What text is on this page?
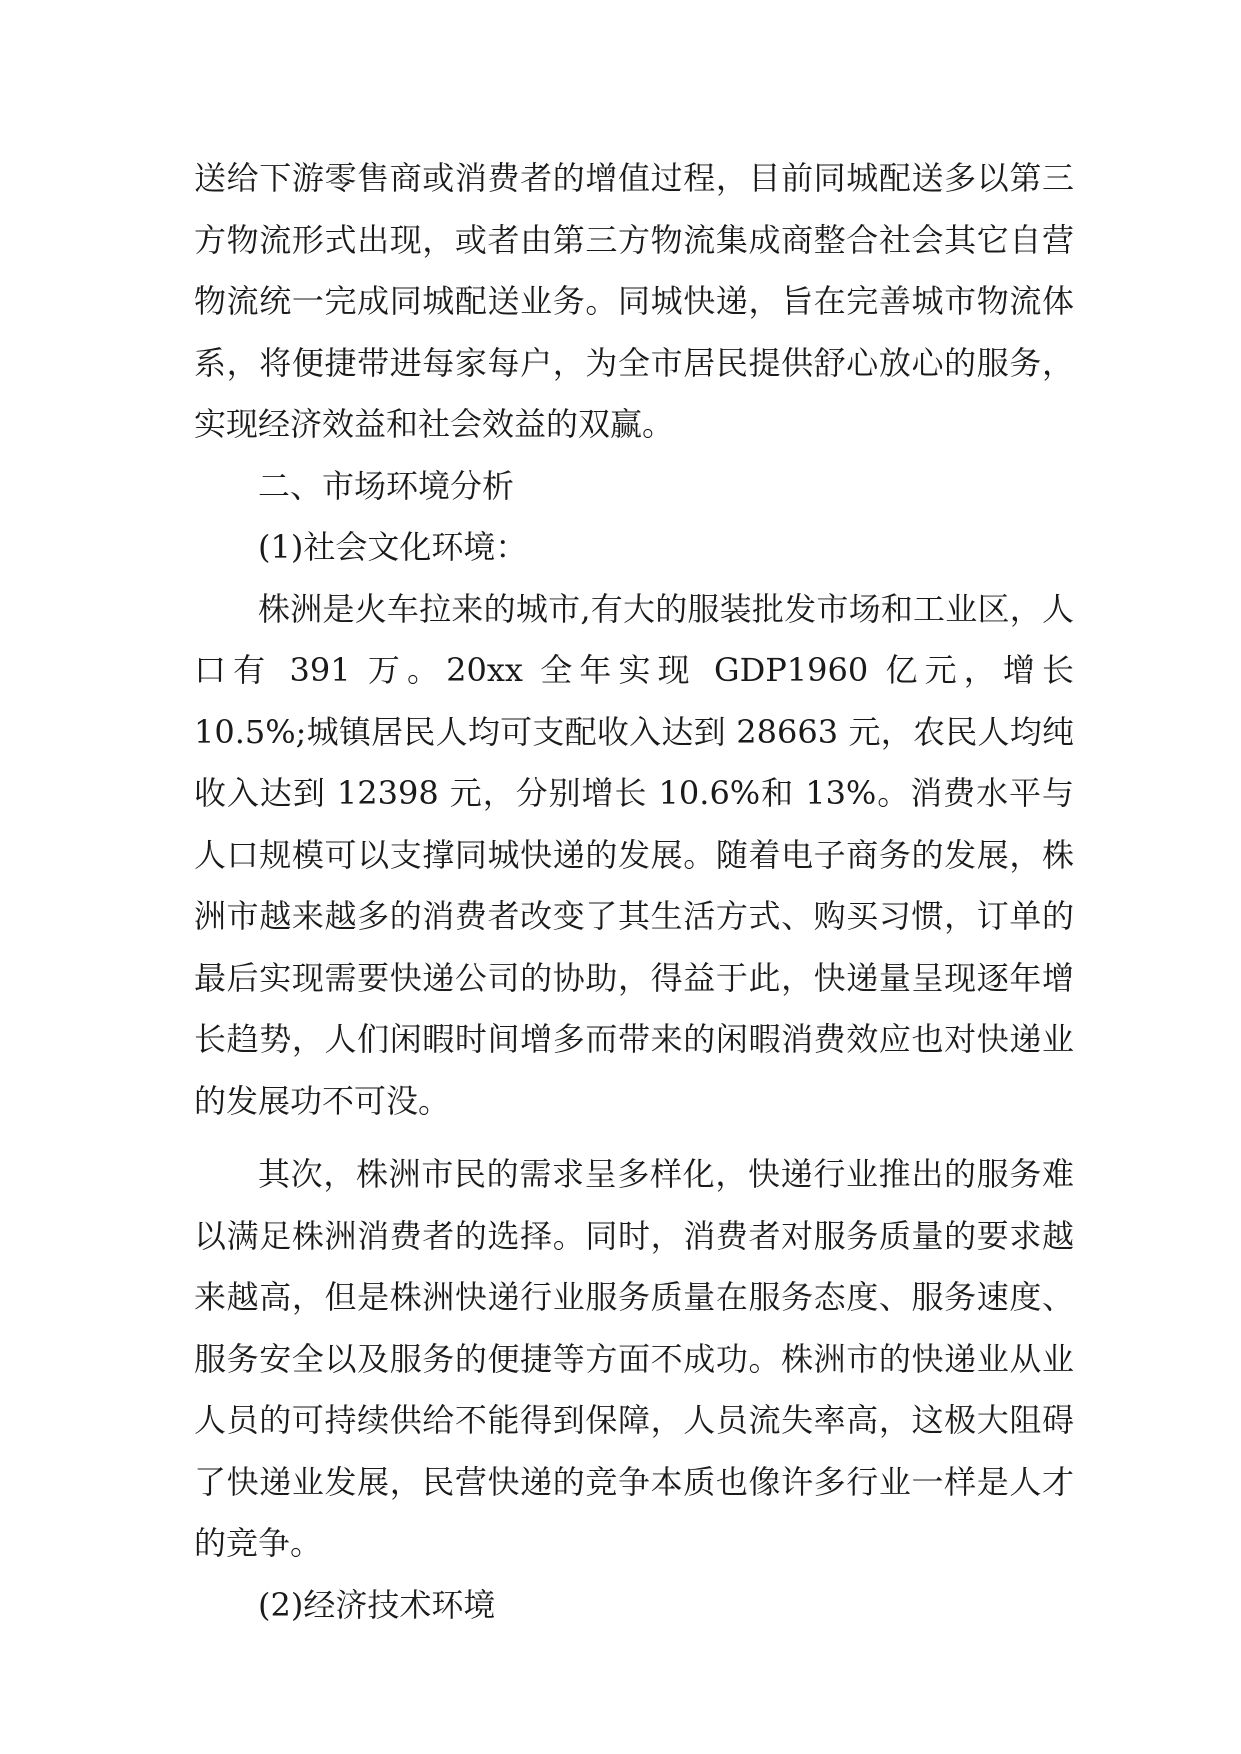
送给下游零售商或消费者的增值过程，目前同城配送多以第三方物流形式出现，或者由第三方物流集成商整合社会其它自营物流统一完成同城配送业务。同城快递，旨在完善城市物流体系，将便捷带进每家每户，为全市居民提供舒心放心的服务，实现经济效益和社会效益的双赢。

二、市场环境分析

(1)社会文化环境：

株洲是火车拉来的城市,有大的服装批发市场和工业区，人口有 391 万。20xx 全年实现 GDP1960 亿元，增长 10.5%;城镇居民人均可支配收入达到 28663 元，农民人均纯收入达到 12398 元，分别增长 10.6%和 13%。消费水平与人口规模可以支撑同城快递的发展。随着电子商务的发展，株洲市越来越多的消费者改变了其生活方式、购买习惯，订单的最后实现需要快递公司的协助，得益于此，快递量呈现逐年增长趋势，人们闲暇时间增多而带来的闲暇消费效应也对快递业的发展功不可没。

其次，株洲市民的需求呈多样化，快递行业推出的服务难以满足株洲消费者的选择。同时，消费者对服务质量的要求越来越高，但是株洲快递行业服务质量在服务态度、服务速度、服务安全以及服务的便捷等方面不成功。株洲市的快递业从业人员的可持续供给不能得到保障，人员流失率高，这极大阻碍了快递业发展，民营快递的竞争本质也像许多行业一样是人才的竞争。

(2)经济技术环境
